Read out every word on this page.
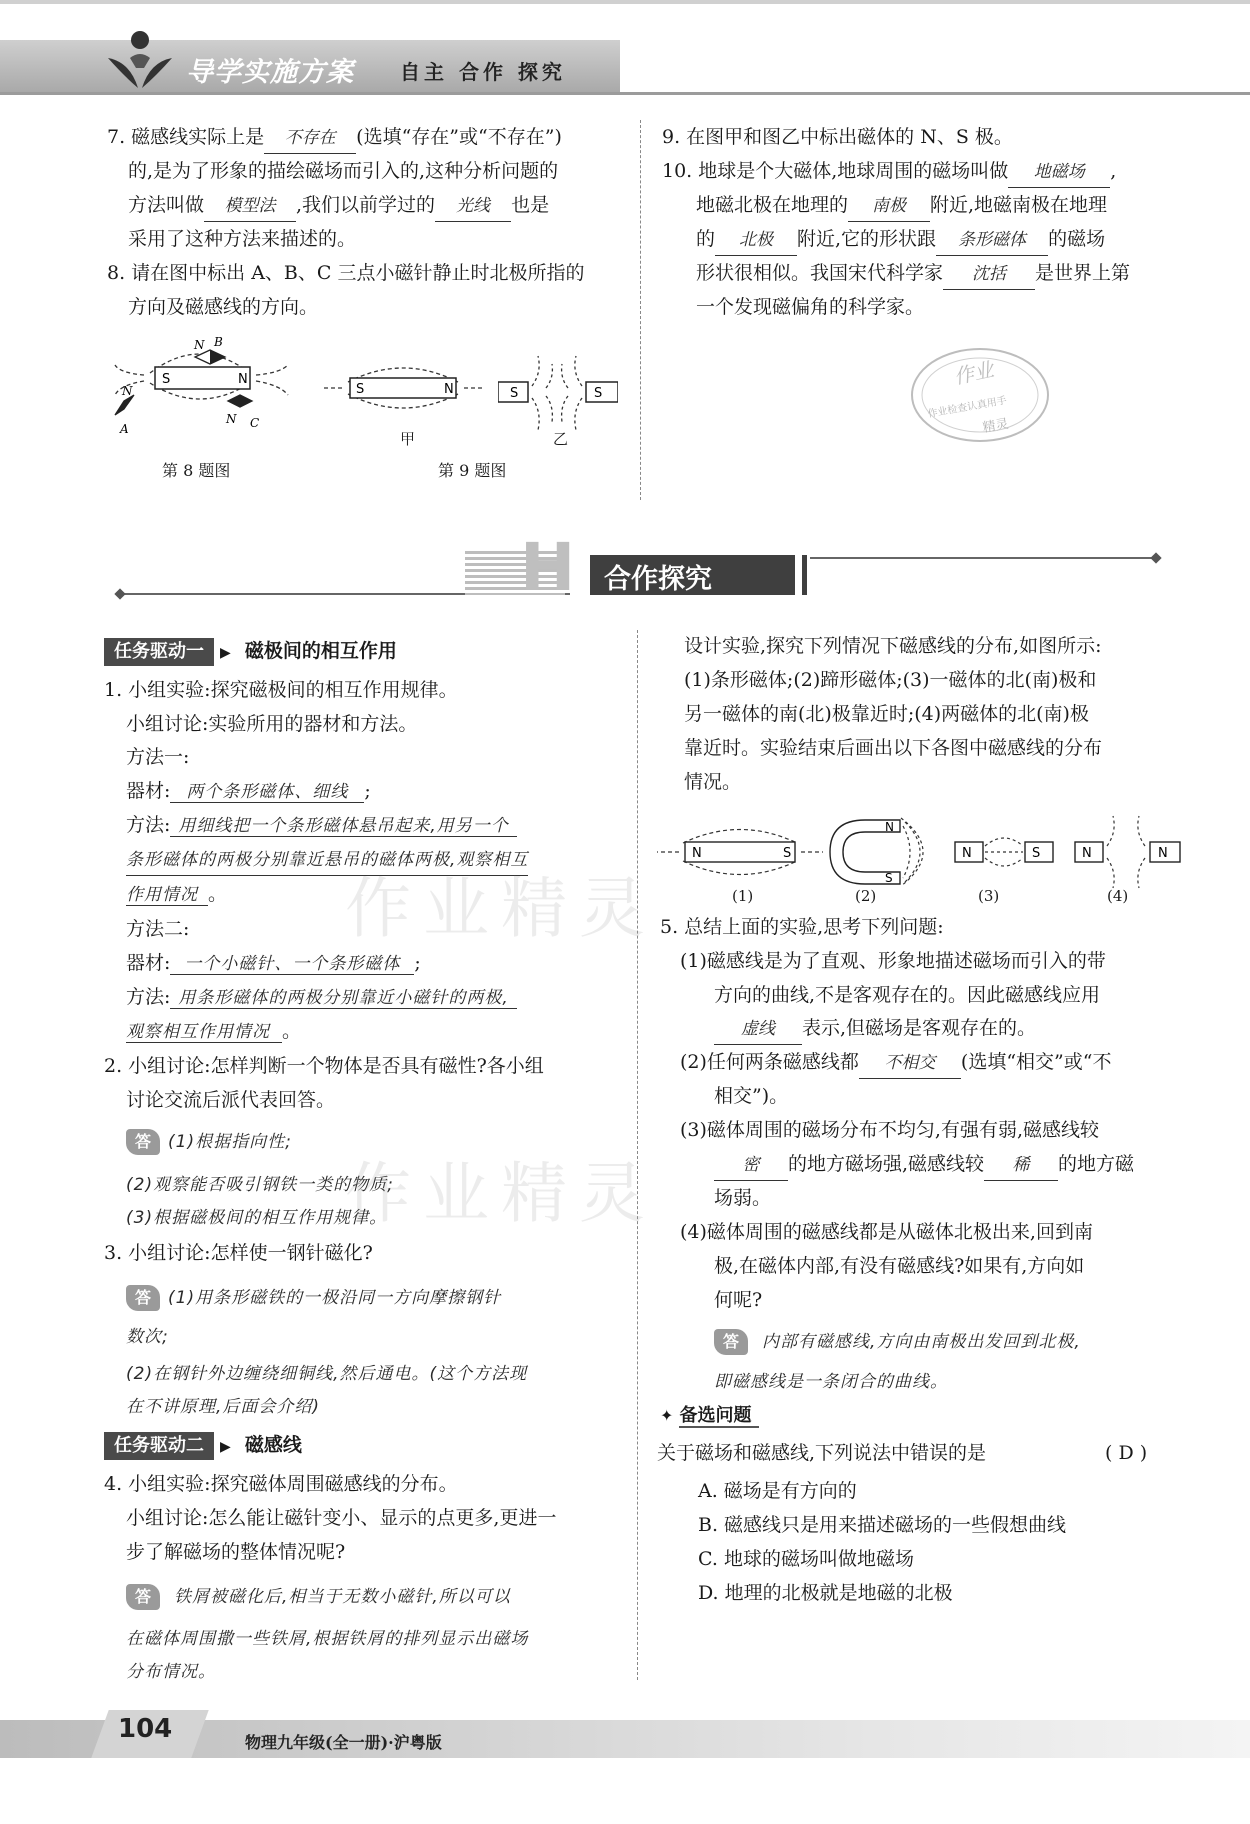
导学实施方案 自主 合作 探究
7. 磁感线实际上是 不存在 (选填“存在”或“不存在”)
的,是为了形象的描绘磁场而引入的,这种分析问题的
方法叫做 模型法 ,我们以前学过的 光线 也是
采用了这种方法来描述的。
8. 请在图中标出 A、B、C 三点小磁针静止时北极所指的
方向及磁感线的方向。
S	N
N B
N
A
N C
第 8 题图
S	N
甲
S	S
乙
第 9 题图
9. 在图甲和图乙中标出磁体的 N、S 极。
10. 地球是个大磁体,地球周围的磁场叫做 地磁场 ,
地磁北极在地理的 南极 附近,地磁南极在地理
的 北极 附近,它的形状跟 条形磁体 的磁场
形状很相似。我国宋代科学家 沈括 是世界上第
一个发现磁偏角的科学家。
作业
作业检查认真用手
精灵
H 合作探究
任务驱动一 ▶ 磁极间的相互作用
1. 小组实验:探究磁极间的相互作用规律。
小组讨论:实验所用的器材和方法。
方法一:
器材: 两个条形磁体、细线 ;
方法: 用细线把一个条形磁体悬吊起来,用另一个
条形磁体的两极分别靠近悬吊的磁体两极,观察相互
作用情况 。
方法二:
器材: 一个小磁针、一个条形磁体 ;
方法: 用条形磁体的两极分别靠近小磁针的两极,
观察相互作用情况 。
2. 小组讨论:怎样判断一个物体是否具有磁性?各小组
讨论交流后派代表回答。
答 (1)根据指向性;
(2)观察能否吸引钢铁一类的物质;
(3)根据磁极间的相互作用规律。
3. 小组讨论:怎样使一钢针磁化?
答 (1)用条形磁铁的一极沿同一方向摩擦钢针
数次;
(2)在钢针外边缠绕细铜线,然后通电。(这个方法现
在不讲原理,后面会介绍)
任务驱动二 ▶ 磁感线
4. 小组实验:探究磁体周围磁感线的分布。
小组讨论:怎么能让磁针变小、显示的点更多,更进一
步了解磁场的整体情况呢?
答 铁屑被磁化后,相当于无数小磁针,所以可以
在磁体周围撒一些铁屑,根据铁屑的排列显示出磁场
分布情况。
作业精灵
作业精灵
设计实验,探究下列情况下磁感线的分布,如图所示:
(1)条形磁体;(2)蹄形磁体;(3)一磁体的北(南)极和
另一磁体的南(北)极靠近时;(4)两磁体的北(南)极
靠近时。实验结束后画出以下各图中磁感线的分布
情况。
N	S
N
S
N	S	N	N
(1)	(2)	(3)	(4)
5. 总结上面的实验,思考下列问题:
(1)磁感线是为了直观、形象地描述磁场而引入的带
方向的曲线,不是客观存在的。因此磁感线应用
虚线 表示,但磁场是客观存在的。
(2)任何两条磁感线都 不相交 (选填“相交”或“不
相交”)。
(3)磁体周围的磁场分布不均匀,有强有弱,磁感线较
密 的地方磁场强,磁感线较 稀 的地方磁
场弱。
(4)磁体周围的磁感线都是从磁体北极出来,回到南
极,在磁体内部,有没有磁感线?如果有,方向如
何呢?
答 内部有磁感线,方向由南极出发回到北极,
即磁感线是一条闭合的曲线。
✦ 备选问题
关于磁场和磁感线,下列说法中错误的是	( D )
A. 磁场是有方向的
B. 磁感线只是用来描述磁场的一些假想曲线
C. 地球的磁场叫做地磁场
D. 地理的北极就是地磁的北极
104	物理九年级(全一册)·沪粤版
